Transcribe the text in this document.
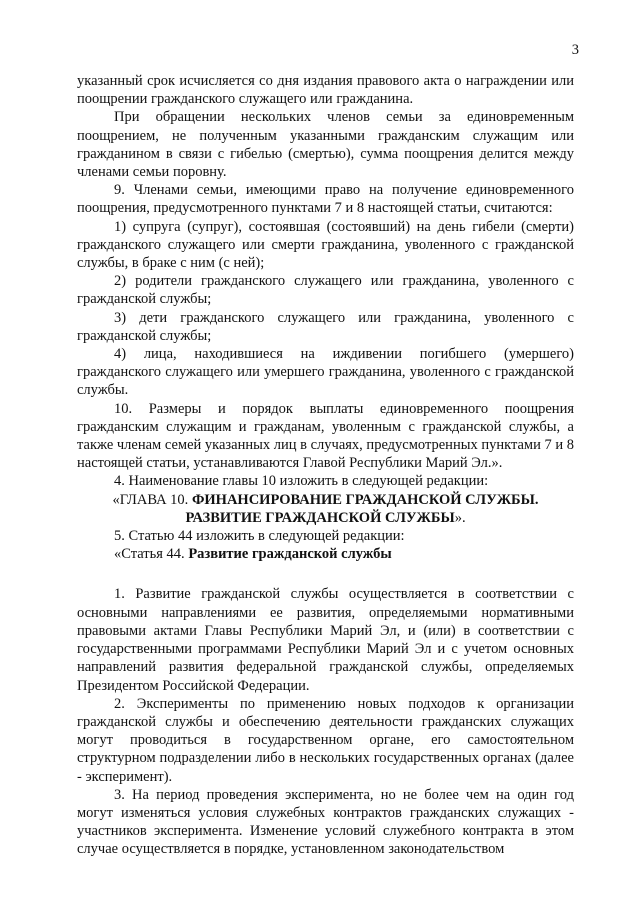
3

указанный срок исчисляется со дня издания правового акта о награждении или поощрении гражданского служащего или гражданина.

При обращении нескольких членов семьи за единовременным поощрением, не полученным указанными гражданским служащим или гражданином в связи с гибелью (смертью), сумма поощрения делится между членами семьи поровну.

9. Членами семьи, имеющими право на получение единовременного поощрения, предусмотренного пунктами 7 и 8 настоящей статьи, считаются:

1) супруга (супруг), состоявшая (состоявший) на день гибели (смерти) гражданского служащего или смерти гражданина, уволенного с гражданской службы, в браке с ним (с ней);

2) родители гражданского служащего или гражданина, уволенного с гражданской службы;

3) дети гражданского служащего или гражданина, уволенного с гражданской службы;

4) лица, находившиеся на иждивении погибшего (умершего) гражданского служащего или умершего гражданина, уволенного с гражданской службы.

10. Размеры и порядок выплаты единовременного поощрения гражданским служащим и гражданам, уволенным с гражданской службы, а также членам семей указанных лиц в случаях, предусмотренных пунктами 7 и 8 настоящей статьи, устанавливаются Главой Республики Марий Эл.».

4. Наименование главы 10 изложить в следующей редакции:

«ГЛАВА 10. ФИНАНСИРОВАНИЕ ГРАЖДАНСКОЙ СЛУЖБЫ.

РАЗВИТИЕ ГРАЖДАНСКОЙ СЛУЖБЫ».

5. Статью 44 изложить в следующей редакции:

«Статья 44. Развитие гражданской службы

1. Развитие гражданской службы осуществляется в соответствии с основными направлениями ее развития, определяемыми нормативными правовыми актами Главы Республики Марий Эл, и (или) в соответствии с государственными программами Республики Марий Эл и с учетом основных направлений развития федеральной гражданской службы, определяемых Президентом Российской Федерации.

2. Эксперименты по применению новых подходов к организации гражданской службы и обеспечению деятельности гражданских служащих могут проводиться в государственном органе, его самостоятельном структурном подразделении либо в нескольких государственных органах (далее - эксперимент).

3. На период проведения эксперимента, но не более чем на один год могут изменяться условия служебных контрактов гражданских служащих - участников эксперимента. Изменение условий служебного контракта в этом случае осуществляется в порядке, установленном законодательством
